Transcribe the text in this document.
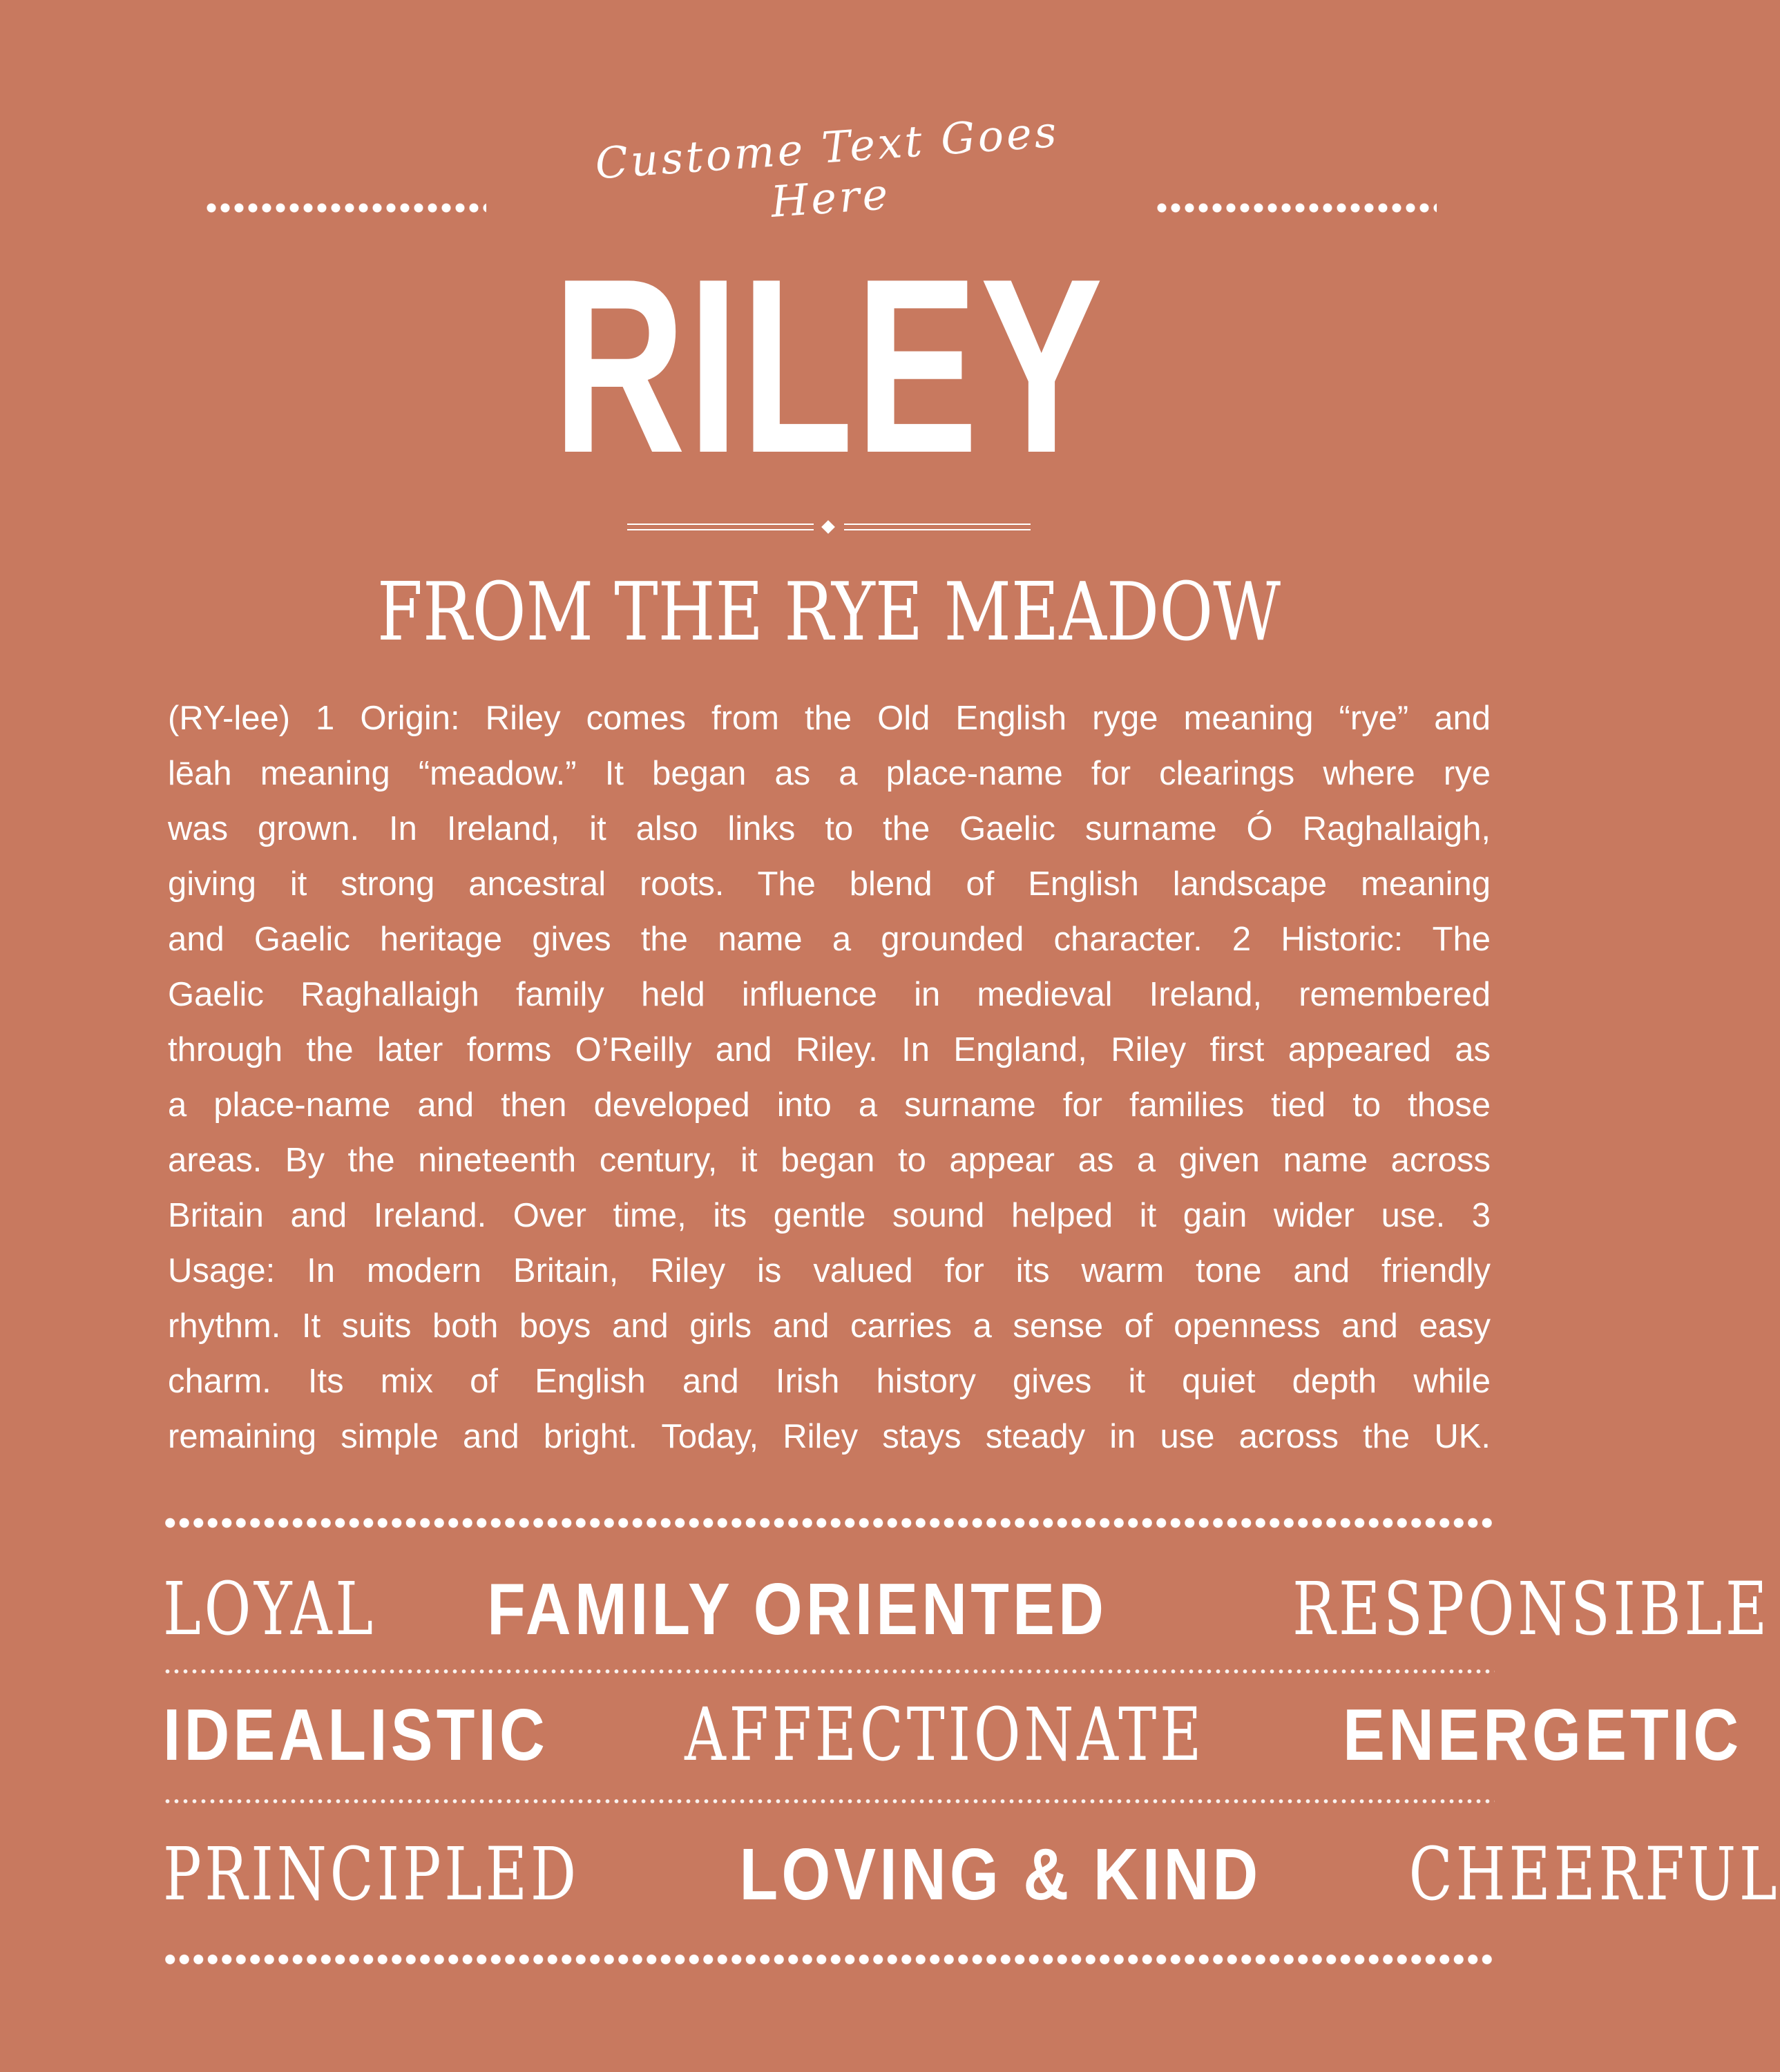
Custome Text Goes Here
RILEY
FROM THE RYE MEADOW
(RY-lee) 1 Origin: Riley comes from the Old English ryge meaning “rye” and
lēah meaning “meadow.” It began as a place-name for clearings where rye
was grown. In Ireland, it also links to the Gaelic surname Ó Raghallaigh,
giving it strong ancestral roots. The blend of English landscape meaning
and Gaelic heritage gives the name a grounded character. 2 Historic: The
Gaelic Raghallaigh family held influence in medieval Ireland, remembered
through the later forms O’Reilly and Riley. In England, Riley first appeared as
a place-name and then developed into a surname for families tied to those
areas. By the nineteenth century, it began to appear as a given name across
Britain and Ireland. Over time, its gentle sound helped it gain wider use. 3
Usage: In modern Britain, Riley is valued for its warm tone and friendly
rhythm. It suits both boys and girls and carries a sense of openness and easy
charm. Its mix of English and Irish history gives it quiet depth while
remaining simple and bright. Today, Riley stays steady in use across the UK.
LOYAL FAMILY ORIENTED	RESPONSIBLE
IDEALISTIC AFFECTIONATE ENERGETIC
PRINCIPLED LOVING & KIND CHEERFUL
